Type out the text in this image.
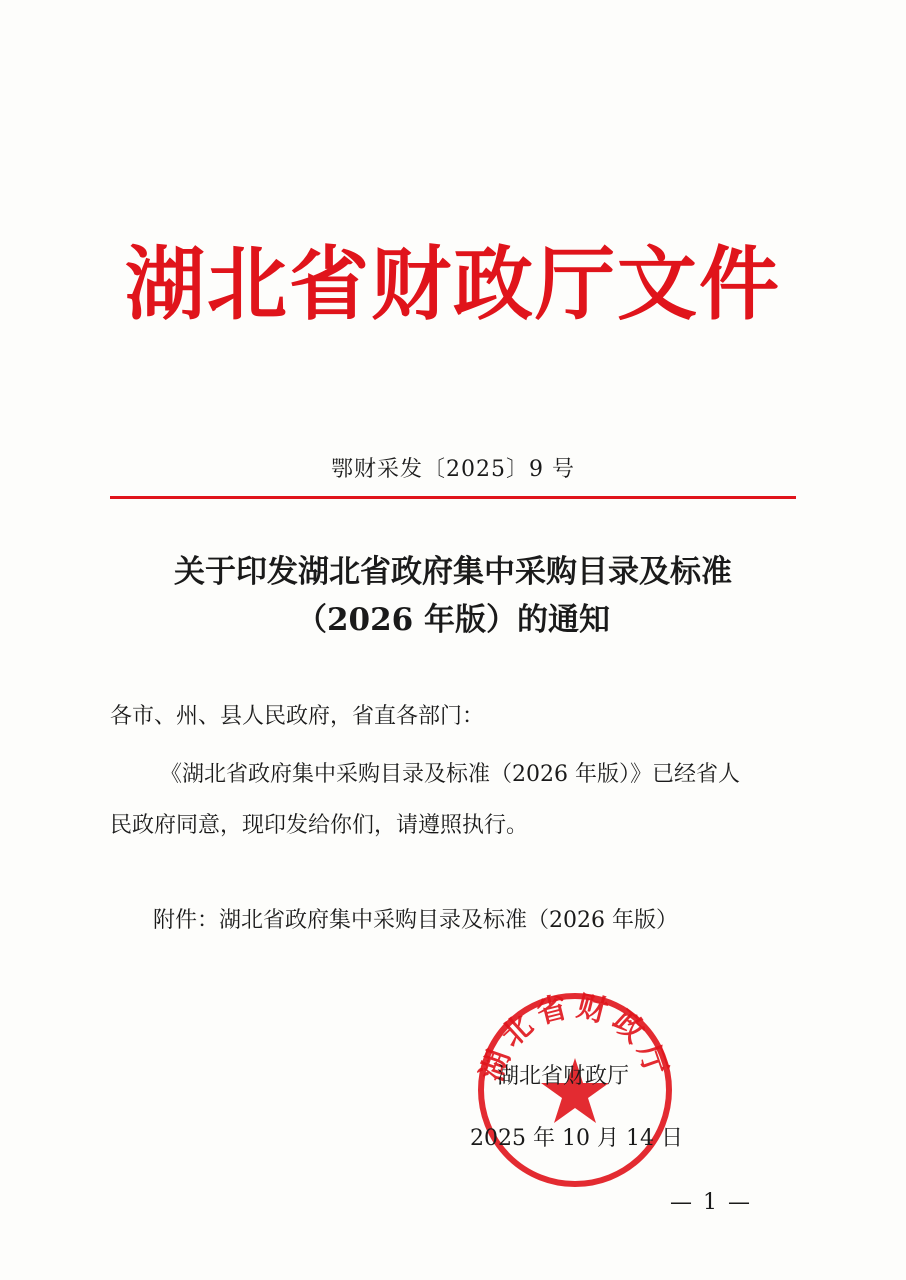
湖北省财政厅文件
鄂财采发〔2025〕9 号
关于印发湖北省政府集中采购目录及标准
（2026 年版）的通知
各市、州、县人民政府，省直各部门：
《湖北省政府集中采购目录及标准（2026 年版）》已经省人
民政府同意，现印发给你们，请遵照执行。
附件：湖北省政府集中采购目录及标准（2026 年版）
湖北省财政厅
湖北省财政厅
2025 年 10 月 14 日
— 1 —
